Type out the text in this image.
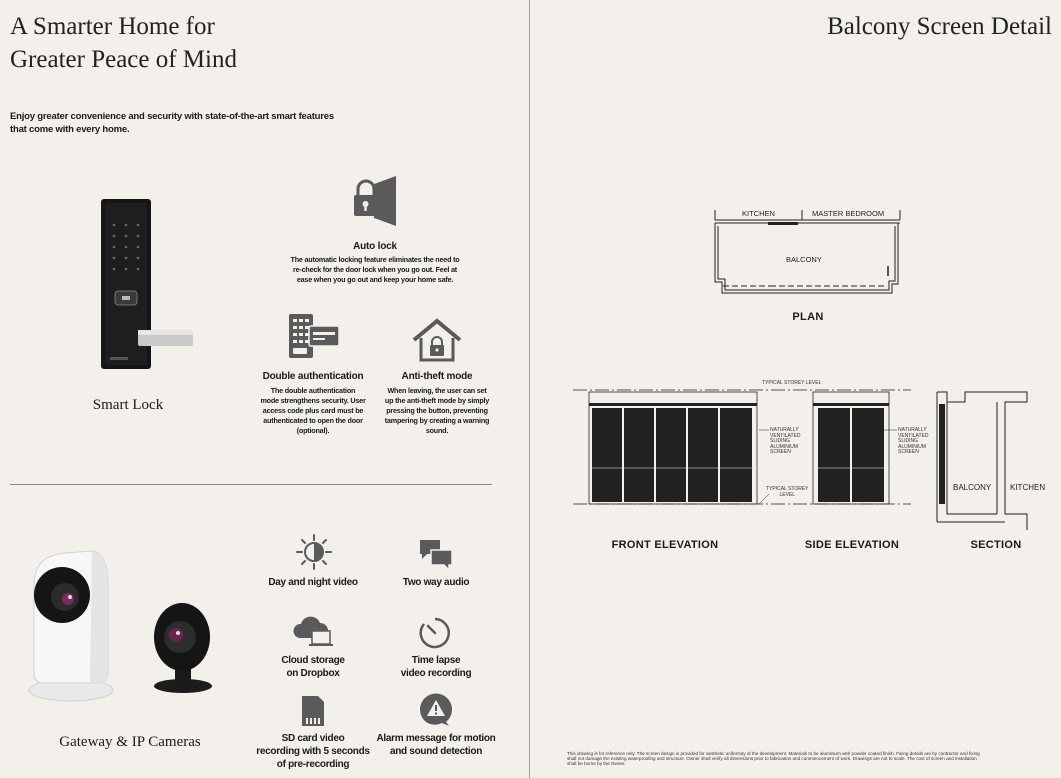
A Smarter Home for
Greater Peace of Mind
Enjoy greater convenience and security with state-of-the-art smart features
that come with every home.
Smart Lock
Auto lock
The automatic locking feature eliminates the need to
re-check for the door lock when you go out. Feel at
ease when you go out and keep your home safe.
Double authentication
The double authentication
mode strengthens security. User
access code plus card must be
authenticated to open the door
(optional).
Anti-theft mode
When leaving, the user can set
up the anti-theft mode by simply
pressing the button, preventing
tampering by creating a warning
sound.
Gateway & IP Cameras
Day and night video	Two way audio
Cloud storage
on Dropbox
Time lapse
video recording
SD card video
recording with 5 seconds
of pre-recording
Alarm message for motion
and sound detection
Balcony Screen Detail
KITCHEN	MASTER BEDROOM
BALCONY
PLAN
TYPICAL STOREY LEVEL
NATURALLY
VENTILATED
SLIDING
ALUMINIUM
SCREEN
NATURALLY
VENTILATED
SLIDING
ALUMINIUM
SCREEN
TYPICAL STOREY
LEVEL
BALCONY KITCHEN
FRONT ELEVATION	SIDE ELEVATION	SECTION
This drawing is for reference only. The screen design is provided for aesthetic uniformity of the development. Materials to be aluminium with powder coated finish. Fixing details are by contractor and fixing
shall not damage the existing waterproofing and structure. Owner shall verify all dimensions prior to fabrication and commencement of work. Drawings are not to scale. The cost of screen and installation
shall be borne by the Owner.
